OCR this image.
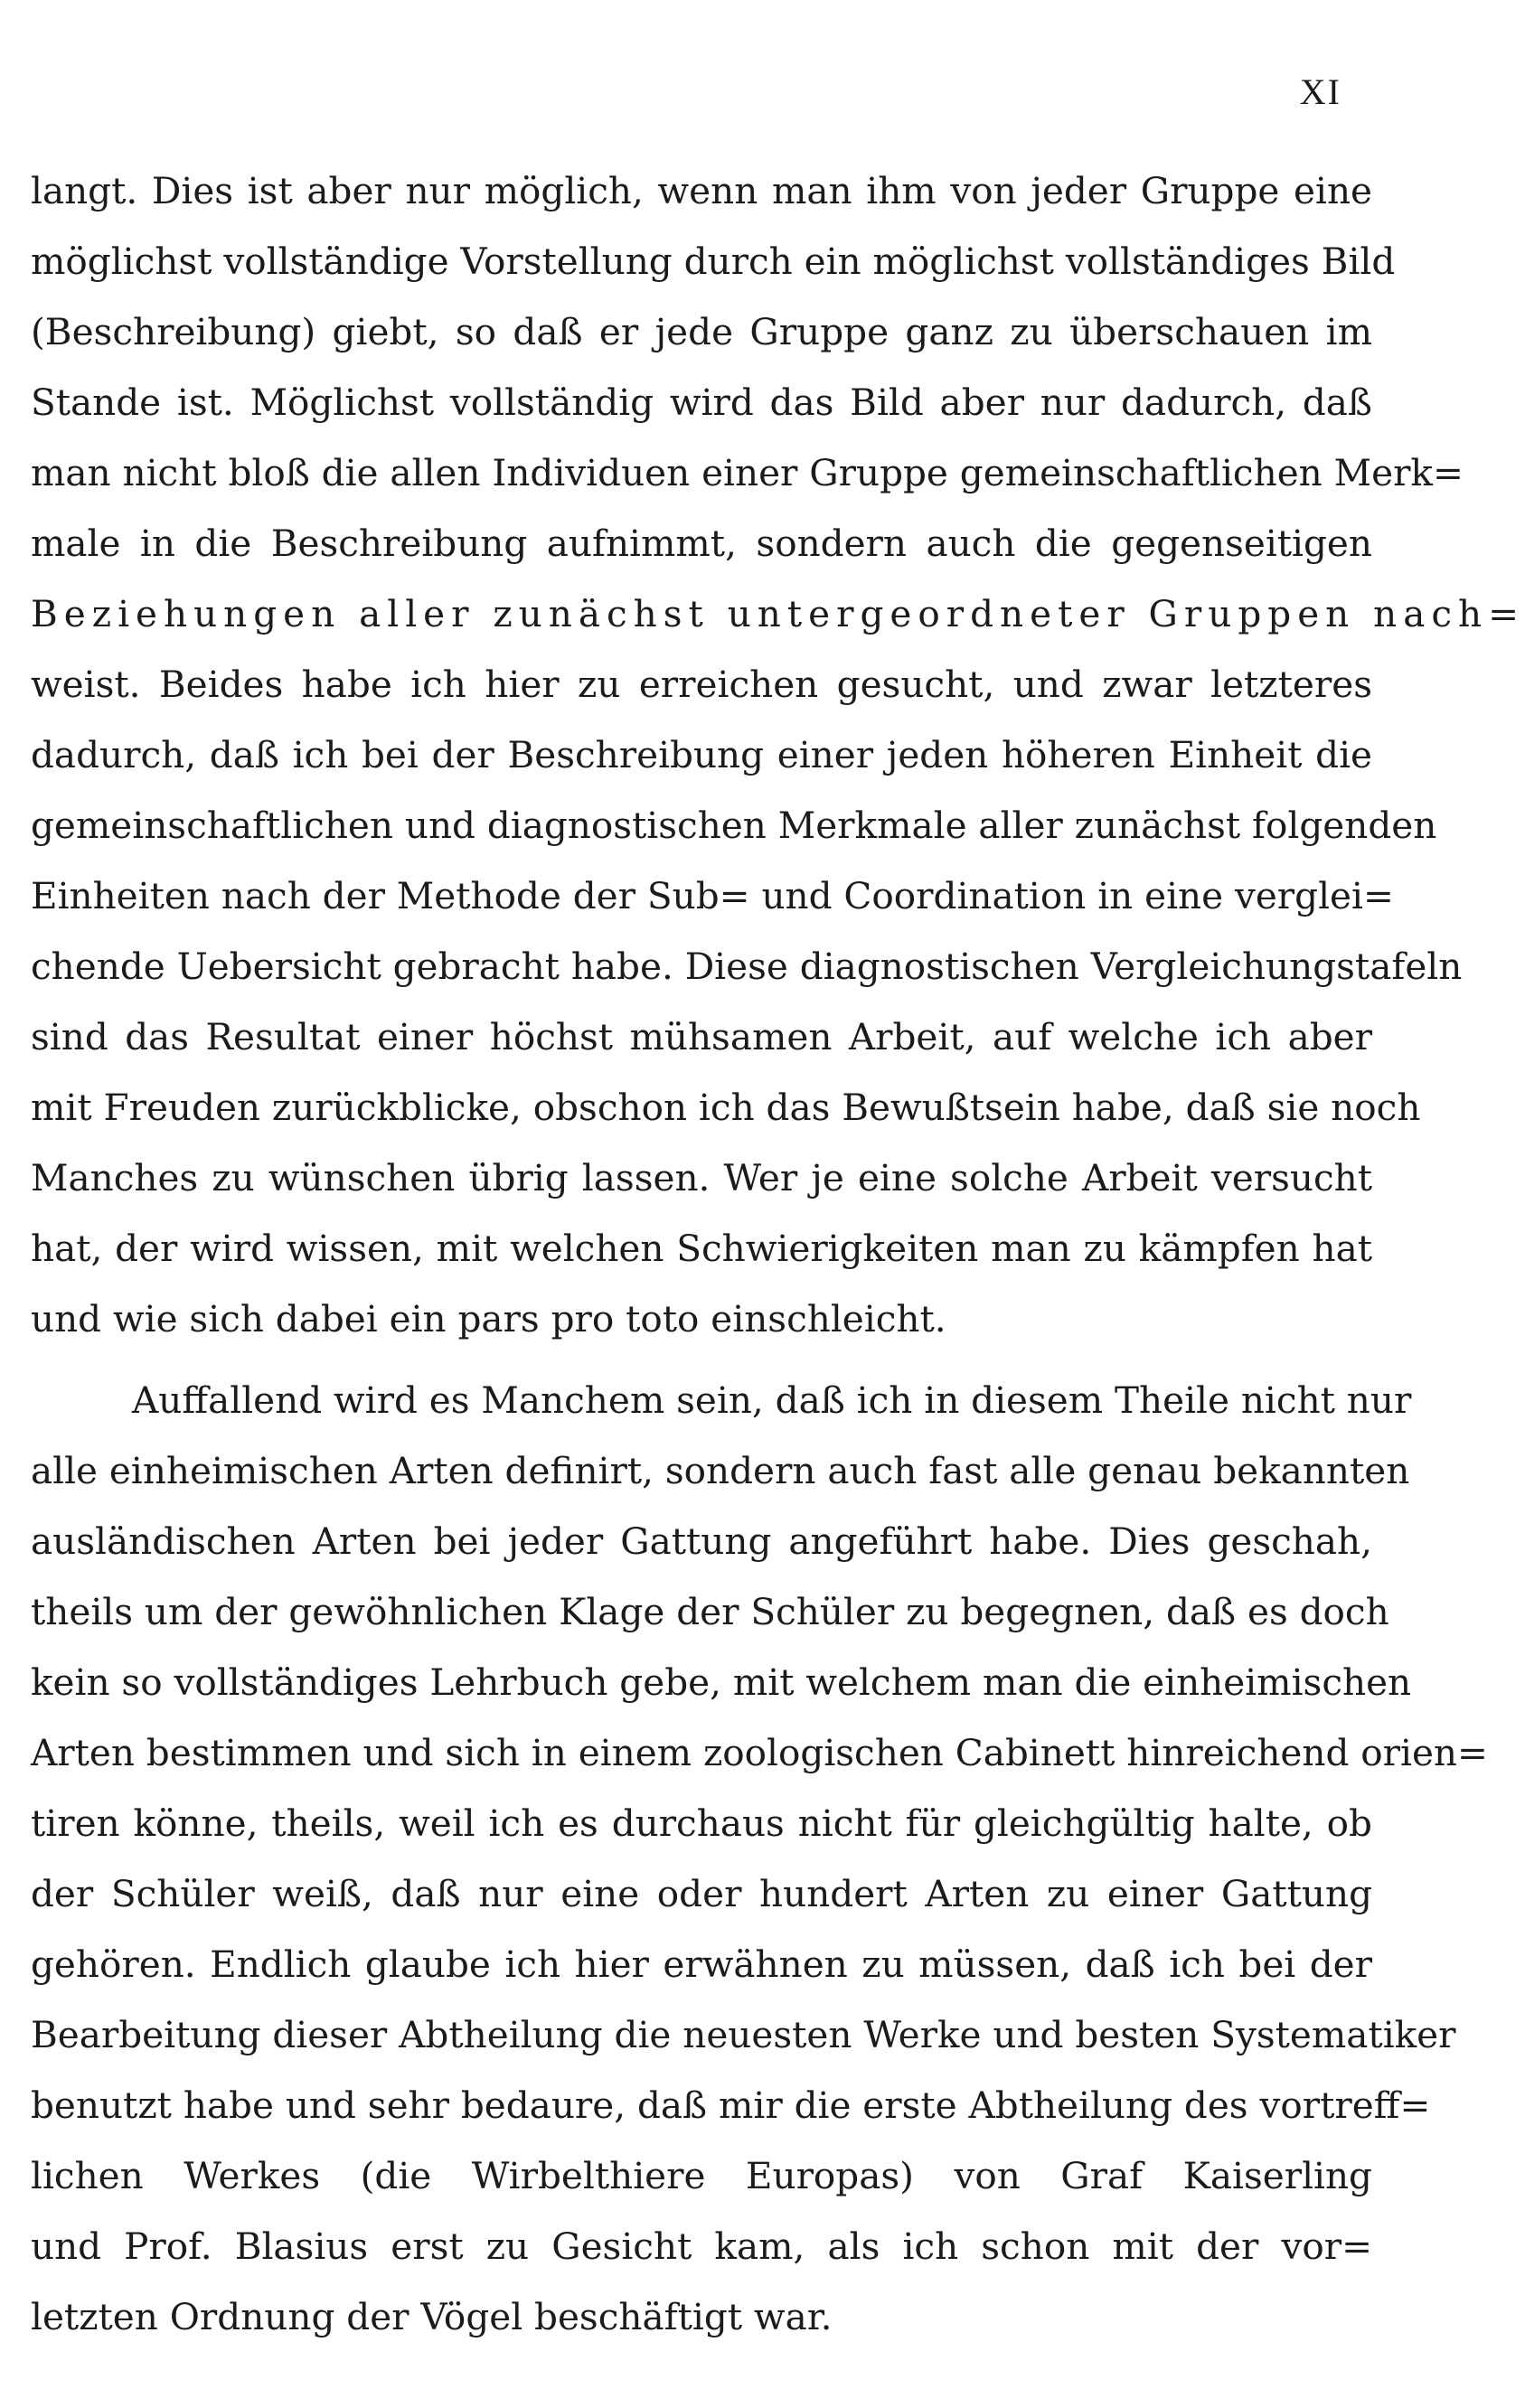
XI
langt. Dies ist aber nur möglich, wenn man ihm von jeder Gruppe eine
möglichst vollständige Vorstellung durch ein möglichst vollständiges Bild
(Beschreibung) giebt, so daß er jede Gruppe ganz zu überschauen im
Stande ist. Möglichst vollständig wird das Bild aber nur dadurch, daß
man nicht bloß die allen Individuen einer Gruppe gemeinschaftlichen Merk=
male in die Beschreibung aufnimmt, sondern auch die gegenseitigen
Beziehungen aller zunächst untergeordneter Gruppen nach=
weist. Beides habe ich hier zu erreichen gesucht, und zwar letzteres
dadurch, daß ich bei der Beschreibung einer jeden höheren Einheit die
gemeinschaftlichen und diagnostischen Merkmale aller zunächst folgenden
Einheiten nach der Methode der Sub= und Coordination in eine verglei=
chende Uebersicht gebracht habe. Diese diagnostischen Vergleichungstafeln
sind das Resultat einer höchst mühsamen Arbeit, auf welche ich aber
mit Freuden zurückblicke, obschon ich das Bewußtsein habe, daß sie noch
Manches zu wünschen übrig lassen. Wer je eine solche Arbeit versucht
hat, der wird wissen, mit welchen Schwierigkeiten man zu kämpfen hat
und wie sich dabei ein pars pro toto einschleicht.
Auffallend wird es Manchem sein, daß ich in diesem Theile nicht nur
alle einheimischen Arten definirt, sondern auch fast alle genau bekannten
ausländischen Arten bei jeder Gattung angeführt habe. Dies geschah,
theils um der gewöhnlichen Klage der Schüler zu begegnen, daß es doch
kein so vollständiges Lehrbuch gebe, mit welchem man die einheimischen
Arten bestimmen und sich in einem zoologischen Cabinett hinreichend orien=
tiren könne, theils, weil ich es durchaus nicht für gleichgültig halte, ob
der Schüler weiß, daß nur eine oder hundert Arten zu einer Gattung
gehören. Endlich glaube ich hier erwähnen zu müssen, daß ich bei der
Bearbeitung dieser Abtheilung die neuesten Werke und besten Systematiker
benutzt habe und sehr bedaure, daß mir die erste Abtheilung des vortreff=
lichen Werkes (die Wirbelthiere Europas) von Graf Kaiserling
und Prof. Blasius erst zu Gesicht kam, als ich schon mit der vor=
letzten Ordnung der Vögel beschäftigt war.
